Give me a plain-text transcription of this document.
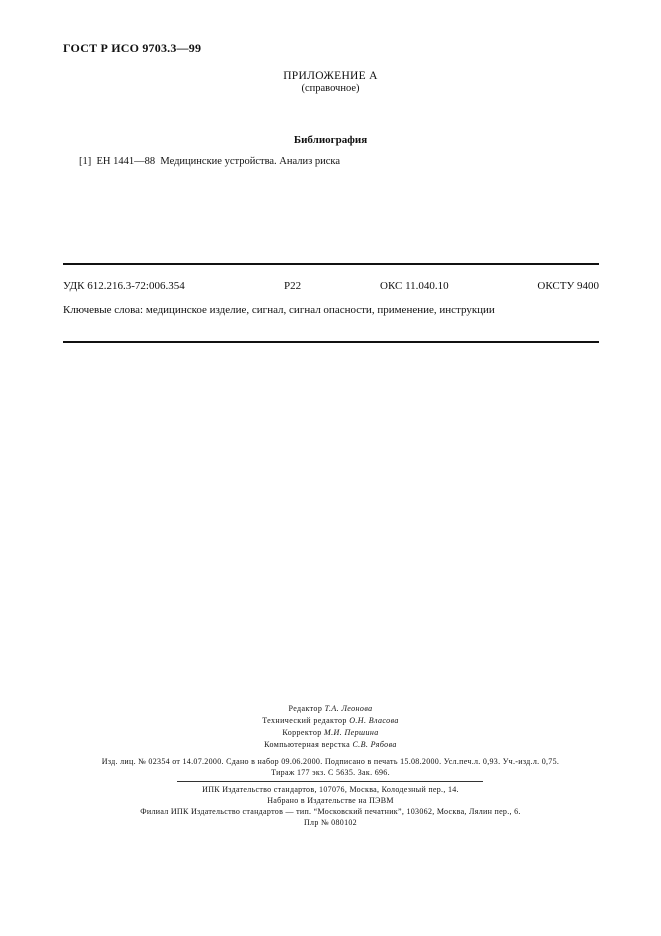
ГОСТ Р ИСО 9703.3—99
ПРИЛОЖЕНИЕ А
(справочное)
Библиография
[1] ЕН 1441—88  Медицинские устройства. Анализ риска
УДК 612.216.3-72:006.354	Р22	ОКС 11.040.10	ОКСТУ 9400
Ключевые слова: медицинское изделие, сигнал, сигнал опасности, применение, инструкции
Редактор Т.А. Леонова
Технический редактор О.Н. Власова
Корректор М.И. Першина
Компьютерная верстка С.В. Рябова
Изд. лиц. № 02354 от 14.07.2000. Сдано в набор 09.06.2000. Подписано в печать 15.08.2000. Усл.печ.л. 0,93. Уч.-изд.л. 0,75.
Тираж 177 экз. С 5635. Зак. 696.
ИПК Издательство стандартов, 107076, Москва, Колодезный пер., 14.
Набрано в Издательстве на ПЭВМ
Филиал ИПК Издательство стандартов — тип. “Московский печатник”, 103062, Москва, Лялин пер., 6.
Плр № 080102
